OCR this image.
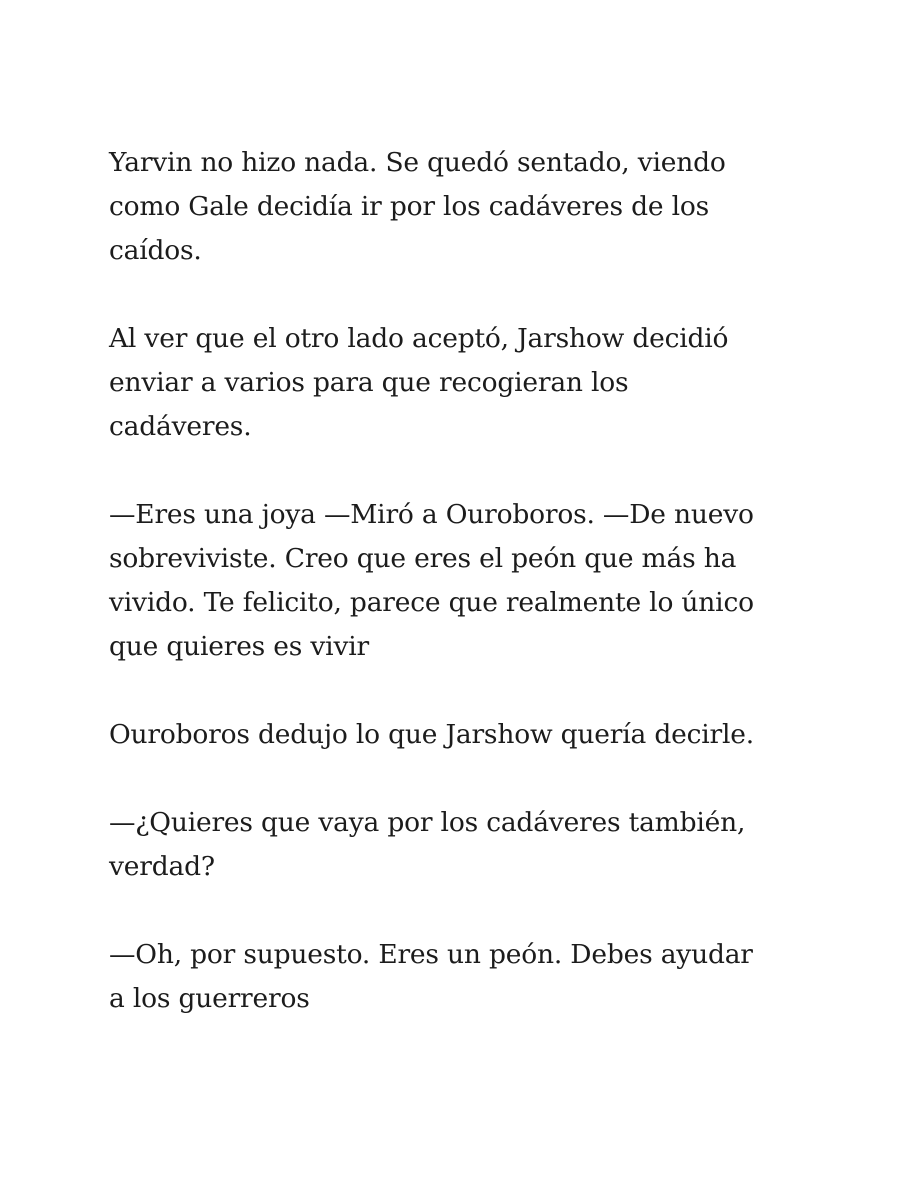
Yarvin no hizo nada. Se quedó sentado, viendo
como Gale decidía ir por los cadáveres de los
caídos.

Al ver que el otro lado aceptó, Jarshow decidió
enviar a varios para que recogieran los
cadáveres.

—Eres una joya —Miró a Ouroboros. —De nuevo
sobreviviste. Creo que eres el peón que más ha
vivido. Te felicito, parece que realmente lo único
que quieres es vivir

Ouroboros dedujo lo que Jarshow quería decirle.

—¿Quieres que vaya por los cadáveres también,
verdad?

—Oh, por supuesto. Eres un peón. Debes ayudar
a los guerreros
